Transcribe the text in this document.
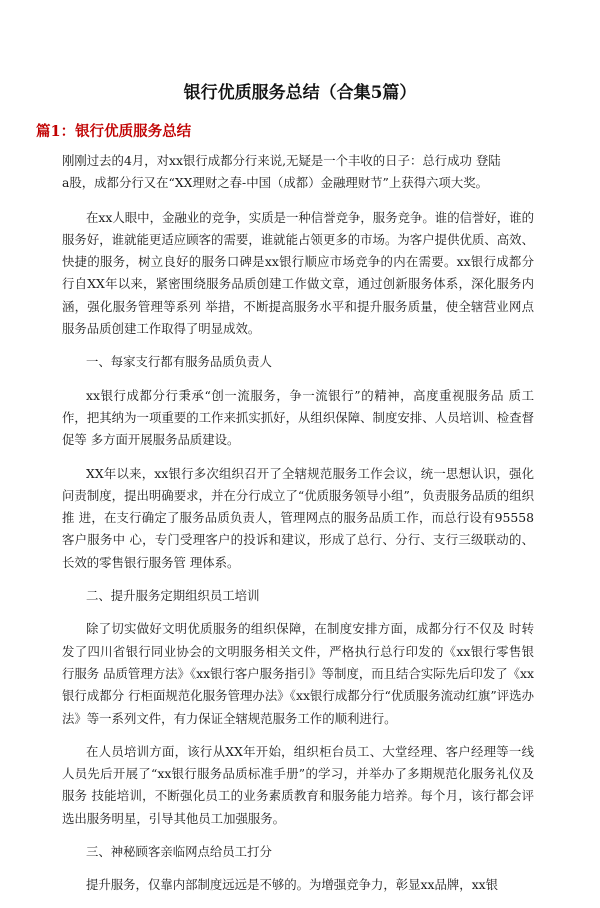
银行优质服务总结（合集5篇）
篇1：银行优质服务总结

刚刚过去的4月，对xx银行成都分行来说,无疑是一个丰收的日子：总行成功 登陆

a股，成都分行又在“XX理财之春-中国（成都）金融理财节”上获得六项大奖。

在xx人眼中，金融业的竞争，实质是一种信誉竞争，服务竞争。谁的信誉好，谁的服务好，谁就能更适应顾客的需要，谁就能占领更多的市场。为客户提供优质、高效、快捷的服务，树立良好的服务口碑是xx银行顺应市场竞争的内在需要。xx银行成都分行自XX年以来，紧密围绕服务品质创建工作做文章，通过创新服务体系，深化服务内涵，强化服务管理等系列 举措，不断提高服务水平和提升服务质量，使全辖营业网点服务品质创建工作取得了明显成效。

一、每家支行都有服务品质负责人

xx银行成都分行秉承“创一流服务，争一流银行”的精神，高度重视服务品 质工作，把其纳为一项重要的工作来抓实抓好，从组织保障、制度安排、人员培训、检查督促等 多方面开展服务品质建设。

XX年以来，xx银行多次组织召开了全辖规范服务工作会议，统一思想认识，强化问责制度，提出明确要求，并在分行成立了“优质服务领导小组”，负责服务品质的组织推 进，在支行确定了服务品质负责人，管理网点的服务品质工作，而总行设有95558客户服务中 心，专门受理客户的投诉和建议，形成了总行、分行、支行三级联动的、长效的零售银行服务管 理体系。

二、提升服务定期组织员工培训

除了切实做好文明优质服务的组织保障，在制度安排方面，成都分行不仅及 时转发了四川省银行同业协会的文明服务相关文件，严格执行总行印发的《xx银行零售银行服务 品质管理方法》《xx银行客户服务指引》等制度，而且结合实际先后印发了《xx银行成都分 行柜面规范化服务管理办法》《xx银行成都分行“优质服务流动红旗”评选办法》等一系列文件，有力保证全辖规范服务工作的顺利进行。

在人员培训方面，该行从XX年开始，组织柜台员工、大堂经理、客户经理等一线人员先后开展了“xx银行服务品质标准手册”的学习，并举办了多期规范化服务礼仪及服务 技能培训，不断强化员工的业务素质教育和服务能力培养。每个月，该行都会评选出服务明星，引导其他员工加强服务。

三、神秘顾客亲临网点给员工打分

提升服务，仅靠内部制度远远是不够的。为增强竞争力，彰显xx品牌，xx银
